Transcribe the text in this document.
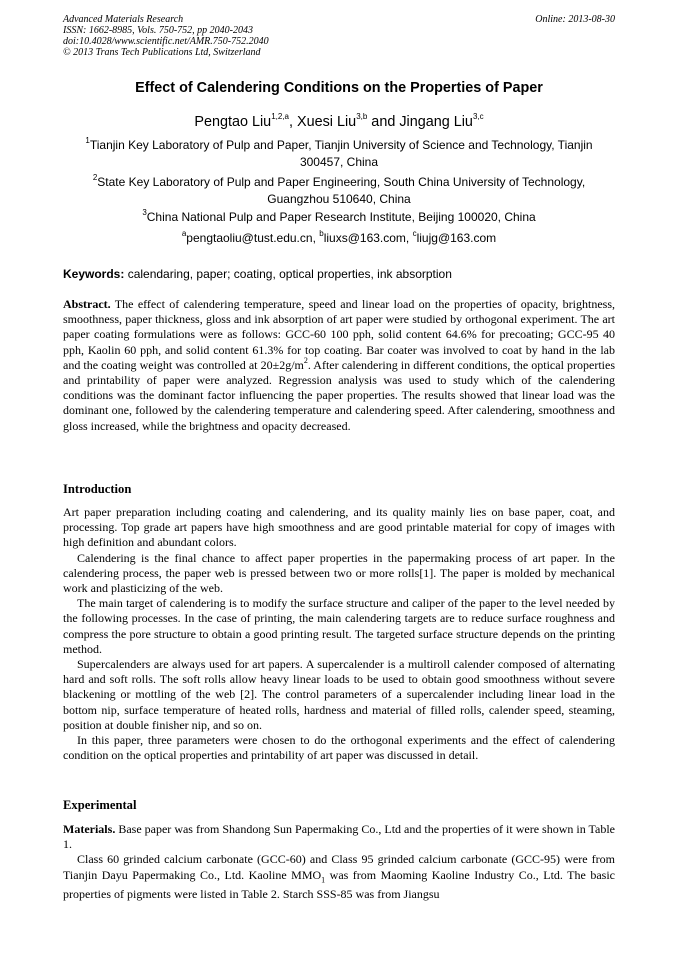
Advanced Materials Research
ISSN: 1662-8985, Vols. 750-752, pp 2040-2043
doi:10.4028/www.scientific.net/AMR.750-752.2040
© 2013 Trans Tech Publications Ltd, Switzerland
Online: 2013-08-30
Effect of Calendering Conditions on the Properties of Paper
Pengtao Liu$^{1,2,a}$, Xuesi Liu$^{3,b}$ and Jingang Liu$^{3,c}$
$^1$Tianjin Key Laboratory of Pulp and Paper, Tianjin University of Science and Technology, Tianjin
300457, China
$^2$State Key Laboratory of Pulp and Paper Engineering, South China University of Technology,
Guangzhou 510640, China
$^3$China National Pulp and Paper Research Institute, Beijing 100020, China
$^a$pengtaoliu@tust.edu.cn, $^b$liuxs@163.com, $^c$liujg@163.com
Keywords: calendaring, paper; coating, optical properties, ink absorption

Abstract. The effect of calendering temperature, speed and linear load on the properties of opacity, brightness, smoothness, paper thickness, gloss and ink absorption of art paper were studied by orthogonal experiment. The art paper coating formulations were as follows: GCC-60 100 pph, solid content 64.6% for precoating; GCC-95 40 pph, Kaolin 60 pph, and solid content 61.3% for top coating. Bar coater was involved to coat by hand in the lab and the coating weight was controlled at $20\pm 2g/m^2$. After calendering in different conditions, the optical properties and printability of paper were analyzed. Regression analysis was used to study which of the calendering conditions was the dominant factor influencing the paper properties. The results showed that linear load was the dominant one, followed by the calendering temperature and calendering speed. After calendering, smoothness and gloss increased, while the brightness and opacity decreased.

Introduction

Art paper preparation including coating and calendering, and its quality mainly lies on base paper, coat, and processing. Top grade art papers have high smoothness and are good printable material for copy of images with high definition and abundant colors.

Calendering is the final chance to affect paper properties in the papermaking process of art paper. In the calendering process, the paper web is pressed between two or more rolls[1]. The paper is molded by mechanical work and plasticizing of the web.

The main target of calendering is to modify the surface structure and caliper of the paper to the level needed by the following processes. In the case of printing, the main calendering targets are to reduce surface roughness and compress the pore structure to obtain a good printing result. The targeted surface structure depends on the printing method.

Supercalenders are always used for art papers. A supercalender is a multiroll calender composed of alternating hard and soft rolls. The soft rolls allow heavy linear loads to be used to obtain good smoothness without severe blackening or mottling of the web [2]. The control parameters of a supercalender including linear load in the bottom nip, surface temperature of heated rolls, hardness and material of filled rolls, calender speed, steaming, position at double finisher nip, and so on.

In this paper, three parameters were chosen to do the orthogonal experiments and the effect of calendering condition on the optical properties and printability of art paper was discussed in detail.

Experimental

Materials. Base paper was from Shandong Sun Papermaking Co., Ltd and the properties of it were shown in Table 1.

Class 60 grinded calcium carbonate (GCC-60) and Class 95 grinded calcium carbonate (GCC-95) were from Tianjin Dayu Papermaking Co., Ltd. Kaoline $MMO_1$ was from Maoming Kaoline Industry Co., Ltd. The basic properties of pigments were listed in Table 2. Starch SSS-85 was from Jiangsu
